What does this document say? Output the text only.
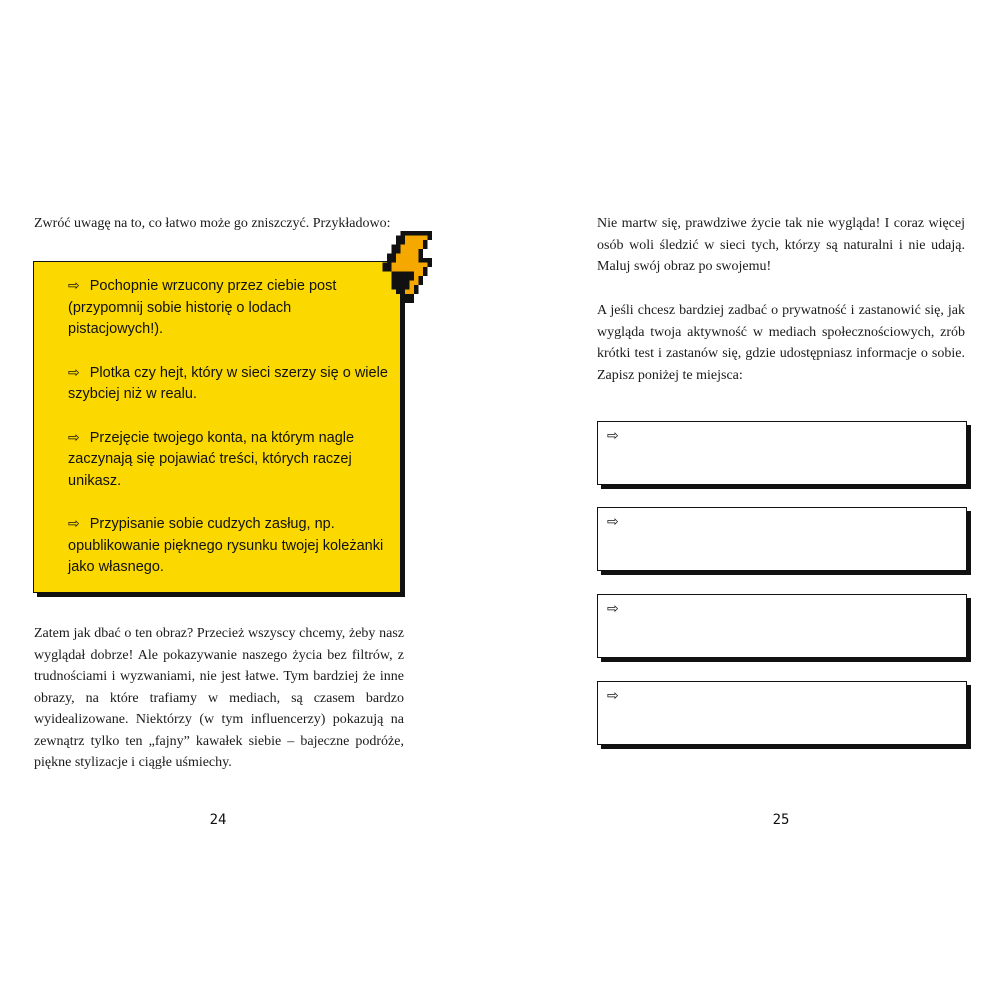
Zwróć uwagę na to, co łatwo może go zniszczyć. Przykładowo:

⇨ Pochopnie wrzucony przez ciebie post (przypomnij sobie historię o lodach pistacjowych!).
⇨ Plotka czy hejt, który w sieci szerzy się o wiele szybciej niż w realu.
⇨ Przejęcie twojego konta, na którym nagle zaczynają się pojawiać treści, których raczej unikasz.
⇨ Przypisanie sobie cudzych zasług, np. opublikowanie pięknego rysunku twojej koleżanki jako własnego.

Zatem jak dbać o ten obraz? Przecież wszyscy chcemy, żeby nasz wyglądał dobrze! Ale pokazywanie naszego życia bez filtrów, z trudnościami i wyzwaniami, nie jest łatwe. Tym bardziej że inne obrazy, na które trafiamy w mediach, są czasem bardzo wyidealizowane. Niektórzy (w tym influencerzy) pokazują na zewnątrz tylko ten „fajny” kawałek siebie – bajeczne podróże, piękne stylizacje i ciągłe uśmiechy.

24

Nie martw się, prawdziwe życie tak nie wygląda! I coraz więcej osób woli śledzić w sieci tych, którzy są naturalni i nie udają. Maluj swój obraz po swojemu!

A jeśli chcesz bardziej zadbać o prywatność i zastanowić się, jak wygląda twoja aktywność w mediach społecznościowych, zrób krótki test i zastanów się, gdzie udostępniasz informacje o sobie. Zapisz poniżej te miejsca:

⇨
⇨
⇨
⇨
25
